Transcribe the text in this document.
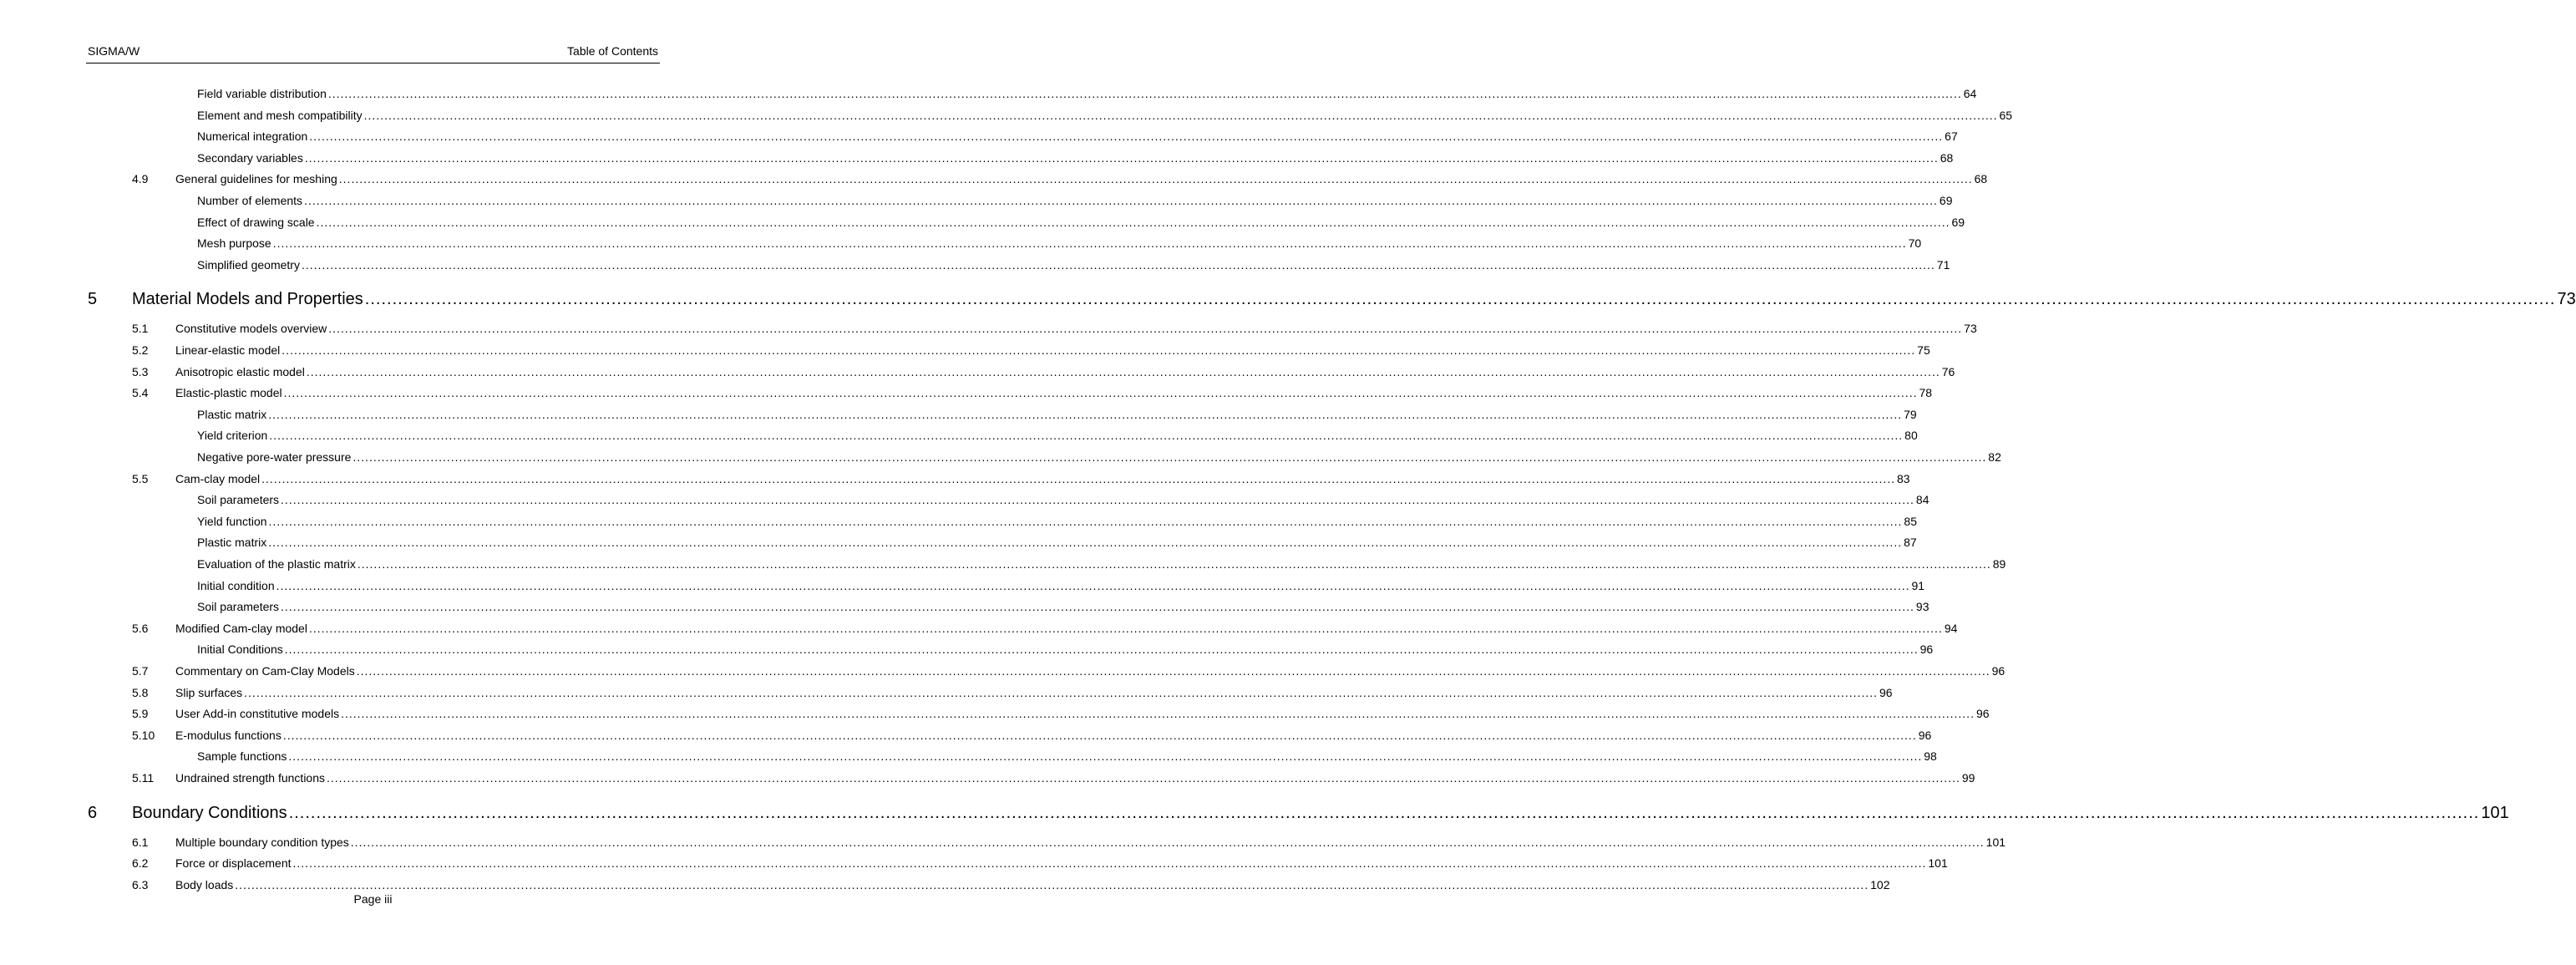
SIGMA/W	Table of Contents
Field variable distribution ................................................................................................................................................................................................................................................................................................................................................................................................................ 64
Element and mesh compatibility ................................................................................................................................................................................................................................................................................................................................................................................................................ 65
Numerical integration ................................................................................................................................................................................................................................................................................................................................................................................................................ 67
Secondary variables ................................................................................................................................................................................................................................................................................................................................................................................................................ 68
4.9 General guidelines for meshing ................................................................................................................................................................................................................................................................................................................................................................................................................ 68
Number of elements ................................................................................................................................................................................................................................................................................................................................................................................................................ 69
Effect of drawing scale ................................................................................................................................................................................................................................................................................................................................................................................................................ 69
Mesh purpose ................................................................................................................................................................................................................................................................................................................................................................................................................ 70
Simplified geometry ................................................................................................................................................................................................................................................................................................................................................................................................................ 71
5 Material Models and Properties ................................................................................................................................................................................................................................................................................................................................................................................................................ 73
5.1 Constitutive models overview ................................................................................................................................................................................................................................................................................................................................................................................................................ 73
5.2 Linear-elastic model ................................................................................................................................................................................................................................................................................................................................................................................................................ 75
5.3 Anisotropic elastic model ................................................................................................................................................................................................................................................................................................................................................................................................................ 76
5.4 Elastic-plastic model ................................................................................................................................................................................................................................................................................................................................................................................................................ 78
Plastic matrix ................................................................................................................................................................................................................................................................................................................................................................................................................ 79
Yield criterion ................................................................................................................................................................................................................................................................................................................................................................................................................ 80
Negative pore-water pressure ................................................................................................................................................................................................................................................................................................................................................................................................................ 82
5.5 Cam-clay model ................................................................................................................................................................................................................................................................................................................................................................................................................ 83
Soil parameters ................................................................................................................................................................................................................................................................................................................................................................................................................ 84
Yield function ................................................................................................................................................................................................................................................................................................................................................................................................................ 85
Plastic matrix ................................................................................................................................................................................................................................................................................................................................................................................................................ 87
Evaluation of the plastic matrix ................................................................................................................................................................................................................................................................................................................................................................................................................ 89
Initial condition ................................................................................................................................................................................................................................................................................................................................................................................................................ 91
Soil parameters ................................................................................................................................................................................................................................................................................................................................................................................................................ 93
5.6 Modified Cam-clay model ................................................................................................................................................................................................................................................................................................................................................................................................................ 94
Initial Conditions ................................................................................................................................................................................................................................................................................................................................................................................................................ 96
5.7 Commentary on Cam-Clay Models ................................................................................................................................................................................................................................................................................................................................................................................................................ 96
5.8 Slip surfaces ................................................................................................................................................................................................................................................................................................................................................................................................................ 96
5.9 User Add-in constitutive models ................................................................................................................................................................................................................................................................................................................................................................................................................ 96
5.10 E-modulus functions ................................................................................................................................................................................................................................................................................................................................................................................................................ 96
Sample functions ................................................................................................................................................................................................................................................................................................................................................................................................................ 98
5.11 Undrained strength functions ................................................................................................................................................................................................................................................................................................................................................................................................................ 99
6 Boundary Conditions ................................................................................................................................................................................................................................................................................................................................................................................................................ 101
6.1 Multiple boundary condition types ................................................................................................................................................................................................................................................................................................................................................................................................................ 101
6.2 Force or displacement ................................................................................................................................................................................................................................................................................................................................................................................................................ 101
6.3 Body loads ................................................................................................................................................................................................................................................................................................................................................................................................................ 102
Page iii
